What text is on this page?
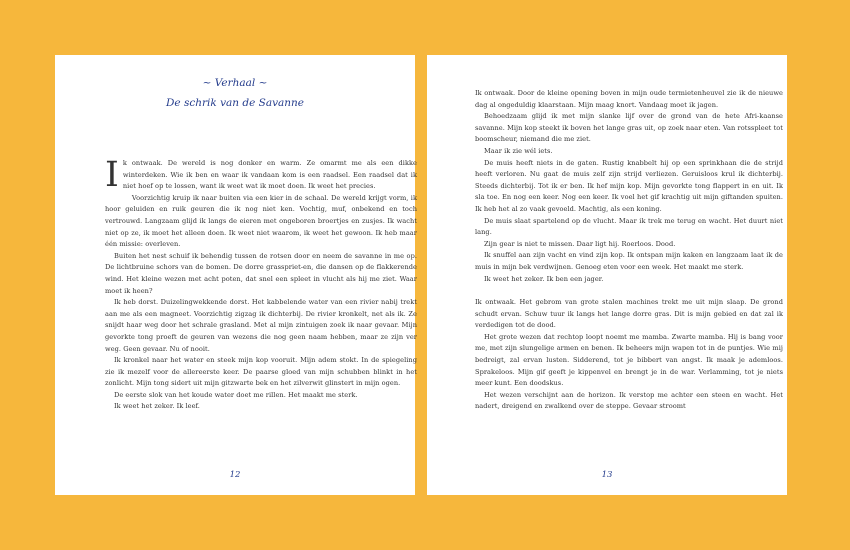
~ Verhaal ~
De schrik van de Savanne
I k ontwaak. De wereld is nog donker en warm. Ze omarmt me als een dikke winterdeken. Wie ik ben en waar ik vandaan kom is een raadsel. Een raadsel dat ik niet hoef op te lossen, want ik weet wat ik moet doen. Ik weet het precies.

Voorzichtig kruip ik naar buiten via een kier in de schaal. De wereld krijgt vorm, ik hoor geluiden en ruik geuren die ik nog niet ken. Vochtig, muf, onbekend en toch vertrouwd. Langzaam glijd ik langs de eieren met ongeboren broertjes en zusjes. Ik wacht niet op ze, ik moet het alleen doen. Ik weet niet waarom, ik weet het gewoon. Ik heb maar één missie: overleven.

Buiten het nest schuif ik behendig tussen de rotsen door en neem de savanne in me op. De lichtbruine schors van de bomen. De dorre grasspriet-en, die dansen op de flakkerende wind. Het kleine wezen met acht poten, dat snel een spleet in vlucht als hij me ziet. Waar moet ik heen?

Ik heb dorst. Duizelingwekkende dorst. Het kabbelende water van een rivier nabij trekt aan me als een magneet. Voorzichtig zigzag ik dichterbij. De rivier kronkelt, net als ik. Ze snijdt haar weg door het schrale grasland. Met al mijn zintuigen zoek ik naar gevaar. Mijn gevorkte tong proeft de geuren van wezens die nog geen naam hebben, maar ze zijn ver weg. Geen gevaar. Nu of nooit.

Ik kronkel naar het water en steek mijn kop vooruit. Mijn adem stokt. In de spiegeling zie ik mezelf voor de allereerste keer. De paarse gloed van mijn schubben blinkt in het zonlicht. Mijn tong sidert uit mijn gitzwarte bek en het zilverwit glinstert in mijn ogen.

De eerste slok van het koude water doet me rillen. Het maakt me sterk.

Ik weet het zeker. Ik leef.

12

Ik ontwaak. Door de kleine opening boven in mijn oude termietenheuvel zie ik de nieuwe dag al ongeduldig klaarstaan. Mijn maag knort. Vandaag moet ik jagen.

Behoedzaam glijd ik met mijn slanke lijf over de grond van de hete Afri-kaanse savanne. Mijn kop steekt ik boven het lange gras uit, op zoek naar eten. Van rotsspleet tot boomscheur, niemand die me ziet.

Maar ik zie wél iets.

De muis heeft niets in de gaten. Rustig knabbelt hij op een sprinkhaan die de strijd heeft verloren. Nu gaat de muis zelf zijn strijd verliezen. Geruisloos krul ik dichterbij. Steeds dichterbij. Tot ik er ben. Ik hef mijn kop. Mijn gevorkte tong flappert in en uit. Ik sla toe. En nog een keer. Nog een keer. Ik voel het gif krachtig uit mijn giftanden spuiten. Ik heb het al zo vaak gevoeld. Machtig, als een koning.

De muis slaat spartelend op de vlucht. Maar ik trek me terug en wacht. Het duurt niet lang.

Zijn gear is niet te missen. Daar ligt hij. Roerloos. Dood.

Ik snuffel aan zijn vacht en vind zijn kop. Ik ontspan mijn kaken en langzaam laat ik de muis in mijn bek verdwijnen. Genoeg eten voor een week. Het maakt me sterk.

Ik weet het zeker. Ik ben een jager.

Ik ontwaak. Het gebrom van grote stalen machines trekt me uit mijn slaap. De grond schudt ervan. Schuw tuur ik langs het lange dorre gras. Dit is mijn gebied en dat zal ik verdedigen tot de dood.

Het grote wezen dat rechtop loopt noemt me mamba. Zwarte mamba. Hij is bang voor me, met zijn slungelige armen en benen. Ik beheers mijn wapen tot in de puntjes. Wie mij bedreigt, zal ervan lusten. Sidderend, tot je bibbert van angst. Ik maak je ademloos. Sprakeloos. Mijn gif geeft je kippenvel en brengt je in de war. Verlamming, tot je niets meer kunt. Een doodskus.

Het wezen verschijnt aan de horizon. Ik verstop me achter een steen en wacht. Het nadert, dreigend en zwalkend over de steppe. Gevaar stroomt

13
